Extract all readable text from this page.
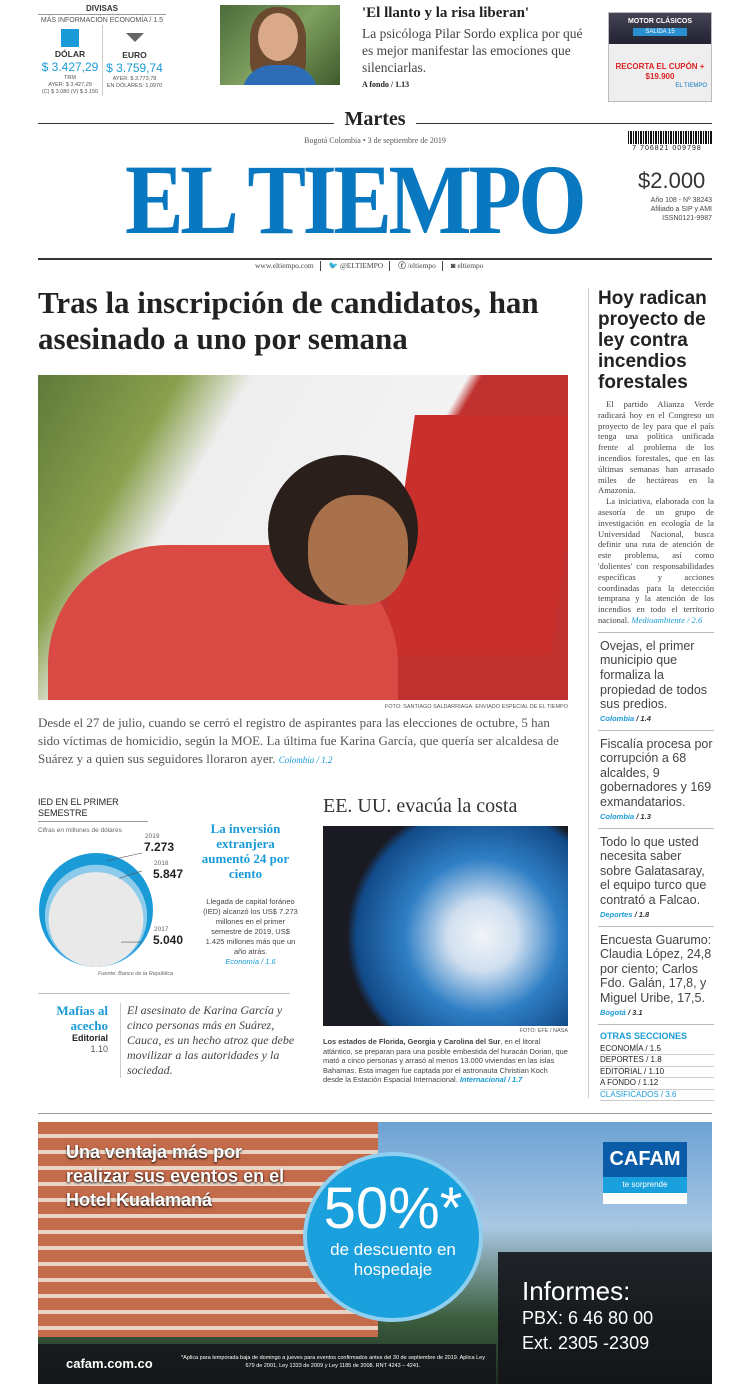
DIVISAS
MÁS INFORMACIÓN ECONOMÍA / 1.5
DÓLAR
$ 3.427,29
TRM
AYER: $ 3.427,29
(C) $ 3.080 (V) $ 3.150
EURO
$ 3.759,74
AYER: $ 3.773,78
EN DÓLARES: 1,0970
'El llanto y la risa liberan'
La psicóloga Pilar Sordo explica por qué es mejor manifestar las emociones que silenciarlas.
A fondo / 1.13
MOTOR CLÁSICOS
SALIDA 15
RECORTA EL CUPÓN + $19.900
EL TIEMPO
Martes
Bogotá Colombia • 3 de septiembre de 2019
EL TIEMPO	7 706821 009798
$2.000
Año 108 - Nº 38243
Afiliado a SIP y AMI
ISSN0121-9987
www.eltiempo.com	🐦 @ELTIEMPO	ⓕ /eltiempo	◙ eltiempo
Tras la inscripción de candidatos, han asesinado a uno por semana
FOTO: SANTIAGO SALDARRIAGA. ENVIADO ESPECIAL DE EL TIEMPO
Desde el 27 de julio, cuando se cerró el registro de aspirantes para las elecciones de octubre, 5 han sido víctimas de homicidio, según la MOE. La última fue Karina García, que quería ser alcaldesa de Suárez y a quien sus seguidores lloraron ayer. Colombia / 1.2
Hoy radican proyecto de ley contra incendios forestales

El partido Alianza Verde radicará hoy en el Congreso un proyecto de ley para que el país tenga una política unificada frente al problema de los incendios forestales, que en las últimas semanas han arrasado miles de hectáreas en la Amazonia.

La iniciativa, elaborada con la asesoría de un grupo de investigación en ecología de la Universidad Nacional, busca definir una ruta de atención de este problema, así como 'dolientes' con responsabilidades específicas y acciones coordinadas para la detección temprana y la atención de los incendios en todo el territorio nacional. Medioambiente / 2.6

Ovejas, el primer municipio que formaliza la propiedad de todos sus predios.
Colombia / 1.4
Fiscalía procesa por corrupción a 68 alcaldes, 9 gobernadores y 169 exmandatarios.
Colombia / 1.3
Todo lo que usted necesita saber sobre Galatasaray, el equipo turco que contrató a Falcao.
Deportes / 1.8
Encuesta Guarumo: Claudia López, 24,8 por ciento; Carlos Fdo. Galán, 17,8, y Miguel Uribe, 17,5.
Bogotá / 3.1
OTRAS SECCIONES
ECONOMÍA / 1.5
DEPORTES / 1.8
EDITORIAL / 1.10
A FONDO / 1.12
CLASIFICADOS / 3.6
IED EN EL PRIMER SEMESTRE
Cifras en millones de dólares
2019
7.273
2018
5.847
2017
5.040
Fuente: Banco de la República
La inversión extranjera aumentó 24 por ciento
Llegada de capital foráneo (IED) alcanzó los US$ 7.273 millones en el primer semestre de 2019, US$ 1.425 millones más que un año atrás.
Economía / 1.6
Mafias al acecho
Editorial
1.10
El asesinato de Karina García y cinco personas más en Suárez, Cauca, es un hecho atroz que debe movilizar a las autoridades y la sociedad.
EE. UU. evacúa la costa
FOTO: EFE / NASA
Los estados de Florida, Georgia y Carolina del Sur, en el litoral atlántico, se preparan para una posible embestida del huracán Dorian, que mató a cinco personas y arrasó al menos 13.000 viviendas en las islas Bahamas. Esta imagen fue captada por el astronauta Christian Koch desde la Estación Espacial Internacional. Internacional / 1.7
Una ventaja más por realizar sus eventos en el Hotel Kualamaná	50%*
de descuento en hospedaje
CAFAM
te sorprende
Informes:
PBX: 6 46 80 00
Ext. 2305 -2309
cafam.com.co	*Aplica para temporada baja de domingo a jueves para eventos confirmados antes del 30 de septiembre de 2019. Aplica Ley 679 de 2001, Ley 1333 de 2009 y Ley 1185 de 2008. RNT 4243 – 4241.
